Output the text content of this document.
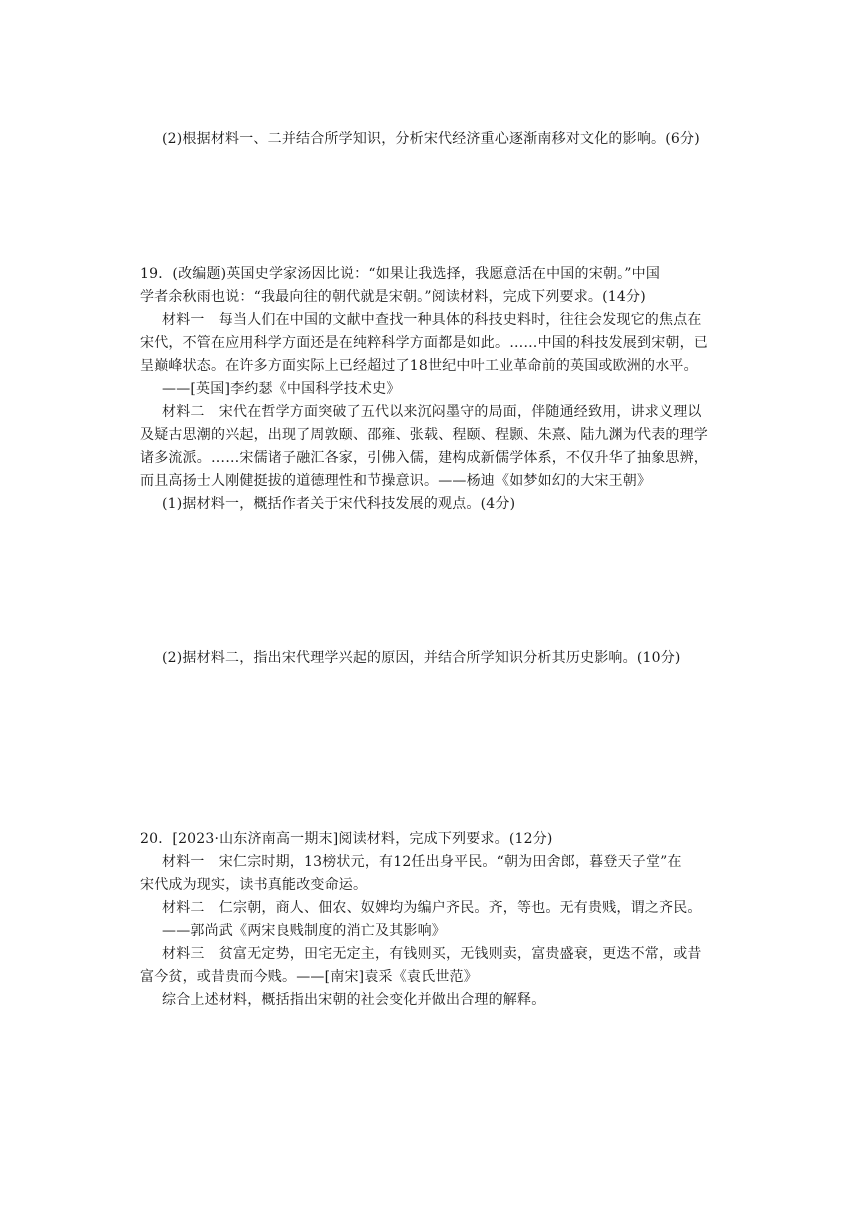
(2)根据材料一、二并结合所学知识，分析宋代经济重心逐渐南移对文化的影响。(6分)
19．(改编题)英国史学家汤因比说：“如果让我选择，我愿意活在中国的宋朝。”中国
学者余秋雨也说：“我最向往的朝代就是宋朝。”阅读材料，完成下列要求。(14分)
材料一　每当人们在中国的文献中查找一种具体的科技史料时，往往会发现它的焦点在
宋代，不管在应用科学方面还是在纯粹科学方面都是如此。……中国的科技发展到宋朝，已
呈巅峰状态。在许多方面实际上已经超过了18世纪中叶工业革命前的英国或欧洲的水平。
——[英国]李约瑟《中国科学技术史》
材料二　宋代在哲学方面突破了五代以来沉闷墨守的局面，伴随通经致用，讲求义理以
及疑古思潮的兴起，出现了周敦颐、邵雍、张载、程颐、程颢、朱熹、陆九渊为代表的理学
诸多流派。……宋儒诸子融汇各家，引佛入儒，建构成新儒学体系，不仅升华了抽象思辨，
而且高扬士人刚健挺拔的道德理性和节操意识。——杨迪《如梦如幻的大宋王朝》
(1)据材料一，概括作者关于宋代科技发展的观点。(4分)
(2)据材料二，指出宋代理学兴起的原因，并结合所学知识分析其历史影响。(10分)
20．[2023·山东济南高一期末]阅读材料，完成下列要求。(12分)
材料一　宋仁宗时期，13榜状元，有12任出身平民。“朝为田舍郎，暮登天子堂”在
宋代成为现实，读书真能改变命运。
材料二　仁宗朝，商人、佃农、奴婢均为编户齐民。齐，等也。无有贵贱，谓之齐民。
——郭尚武《两宋良贱制度的消亡及其影响》
材料三　贫富无定势，田宅无定主，有钱则买，无钱则卖，富贵盛衰，更迭不常，或昔
富今贫，或昔贵而今贱。——[南宋]袁采《袁氏世范》
综合上述材料，概括指出宋朝的社会变化并做出合理的解释。
